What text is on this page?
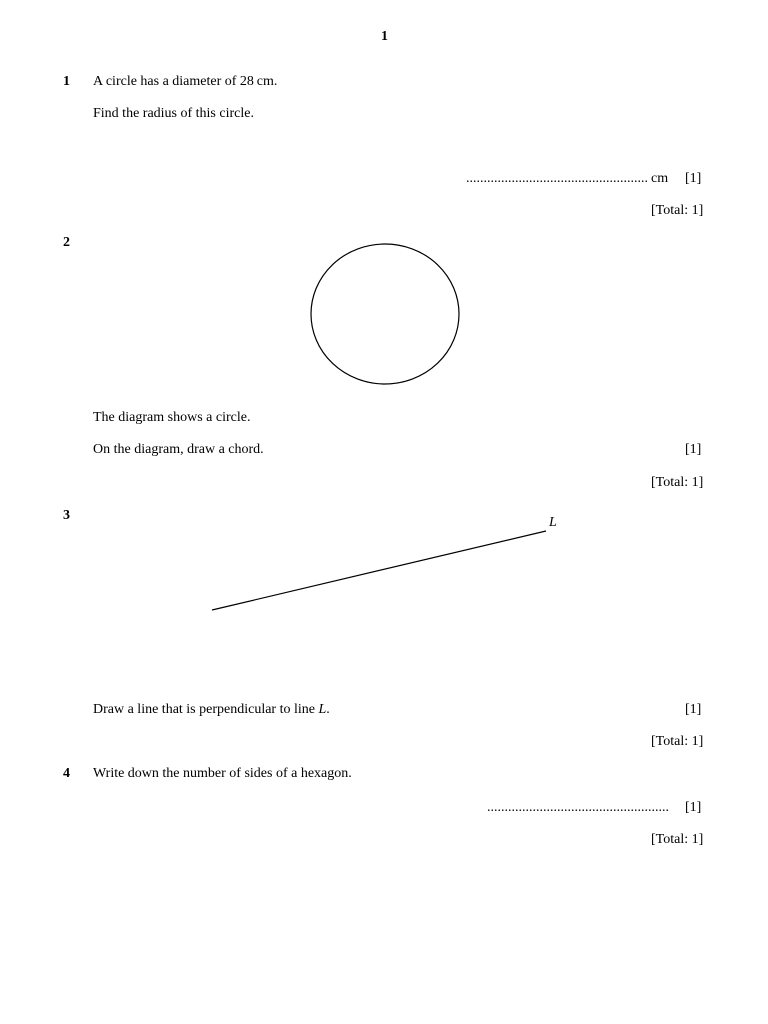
1
1 A circle has a diameter of 28 cm.
Find the radius of this circle.
.................................................... cm [1]
[Total: 1]
2
The diagram shows a circle.
On the diagram, draw a chord.	[1]
[Total: 1]
3	L
Draw a line that is perpendicular to line L.	[1]
[Total: 1]
4 Write down the number of sides of a hexagon.
.................................................... [1]
[Total: 1]
